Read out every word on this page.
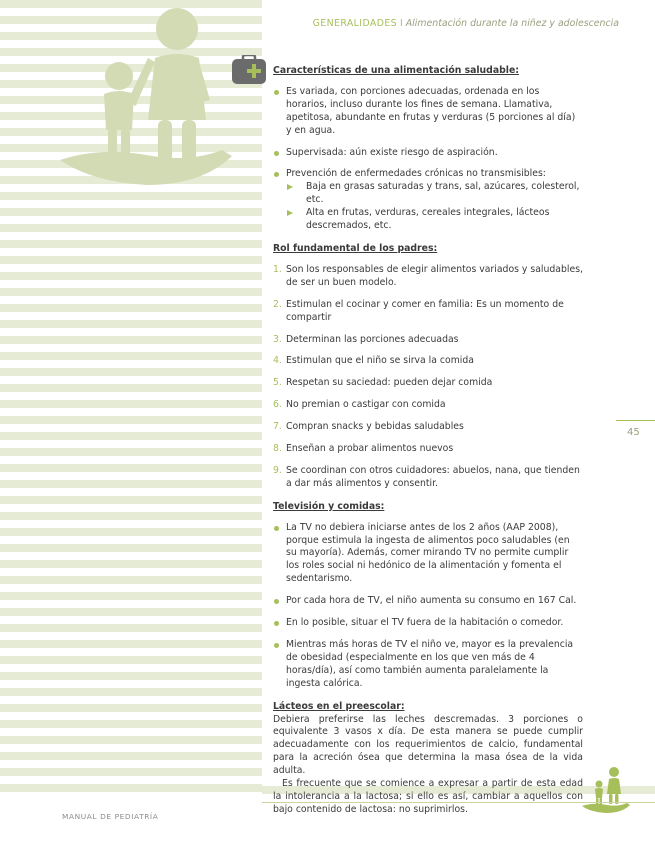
GENERALIDADES I Alimentación durante la niñez y adolescencia

Características de una alimentación saludable:

Es variada, con porciones adecuadas, ordenada en los horarios, incluso durante los fines de semana. Llamativa, apetitosa, abundante en frutas y verduras (5 porciones al día) y en agua.
Supervisada: aún existe riesgo de aspiración.
Prevención de enfermedades crónicas no transmisibles:
Baja en grasas saturadas y trans, sal, azúcares, colesterol, etc.
Alta en frutas, verduras, cereales integrales, lácteos descremados, etc.

Rol fundamental de los padres:

1. Son los responsables de elegir alimentos variados y saludables, de ser un buen modelo.
2. Estimulan el cocinar y comer en familia: Es un momento de compartir
3. Determinan las porciones adecuadas
4. Estimulan que el niño se sirva la comida
5. Respetan su saciedad: pueden dejar comida
6. No premian o castigar con comida
7. Compran snacks y bebidas saludables
8. Enseñan a probar alimentos nuevos
9. Se coordinan con otros cuidadores: abuelos, nana, que tienden a dar más alimentos y consentir.

Televisión y comidas:

La TV no debiera iniciarse antes de los 2 años (AAP 2008), porque estimula la ingesta de alimentos poco saludables (en su mayoría). Además, comer mirando TV no permite cumplir los roles social ni hedónico de la alimentación y fomenta el sedentarismo.
Por cada hora de TV, el niño aumenta su consumo en 167 Cal.
En lo posible, situar el TV fuera de la habitación o comedor.
Mientras más horas de TV el niño ve, mayor es la prevalencia de obesidad (especialmente en los que ven más de 4 horas/día), así como también aumenta paralelamente la ingesta calórica.

Lácteos en el preescolar:

Debiera preferirse las leches descremadas. 3 porciones o equivalente 3 vasos x día. De esta manera se puede cumplir adecuadamente con los requerimientos de calcio, fundamental para la acreción ósea que determina la masa ósea de la vida adulta.

Es frecuente que se comience a expresar a partir de esta edad la intolerancia a la lactosa; si ello es así, cambiar a aquellos con bajo contenido de lactosa: no suprimirlos.

45
MANUAL DE PEDIATRÍA
